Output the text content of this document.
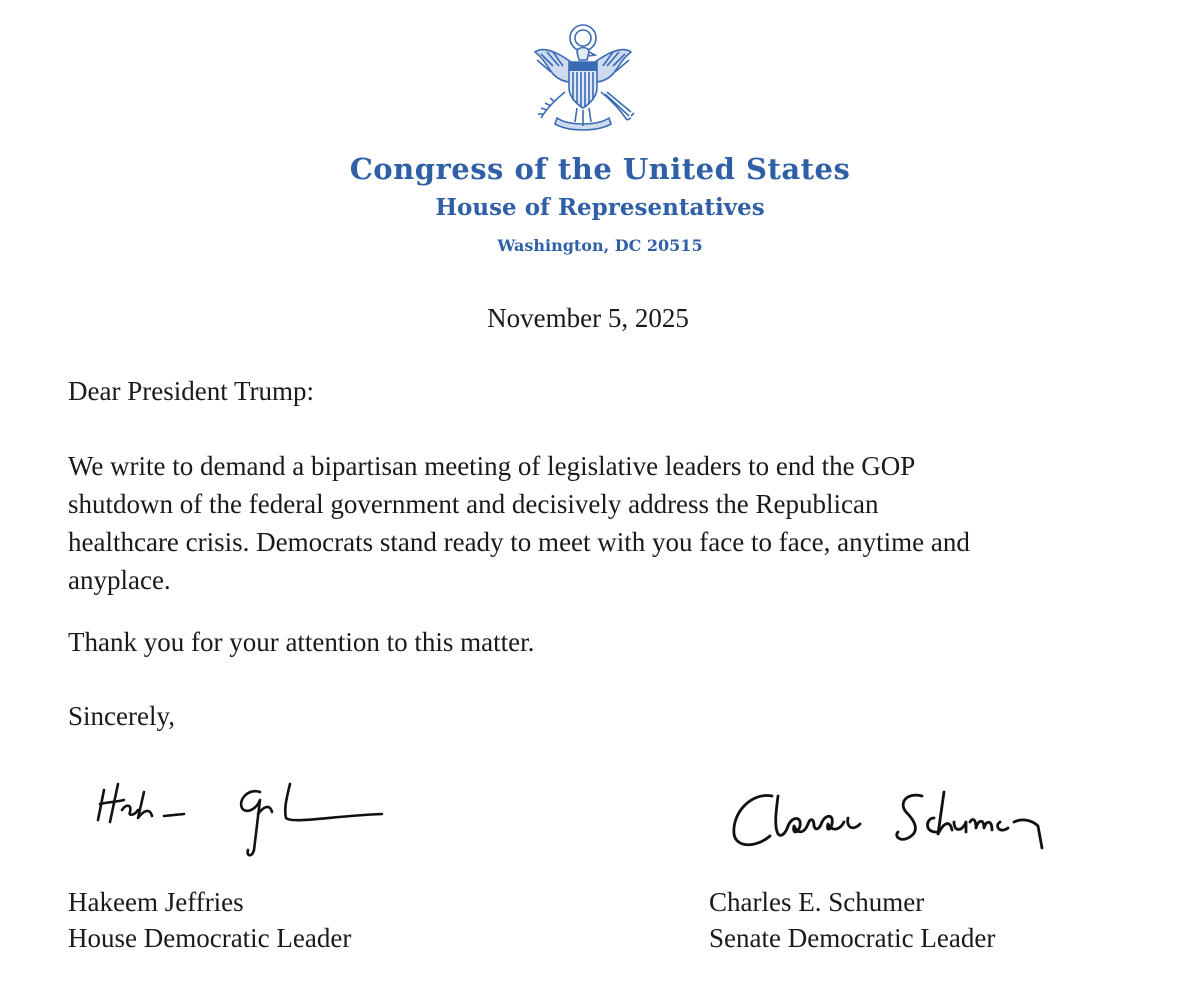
Congress of the United States
House of Representatives
Washington, DC 20515
November 5, 2025
Dear President Trump:
We write to demand a bipartisan meeting of legislative leaders to end the GOP
shutdown of the federal government and decisively address the Republican
healthcare crisis. Democrats stand ready to meet with you face to face, anytime and
anyplace.
Thank you for your attention to this matter.
Sincerely,
Hakeem Jeffries
House Democratic Leader
Charles E. Schumer
Senate Democratic Leader
